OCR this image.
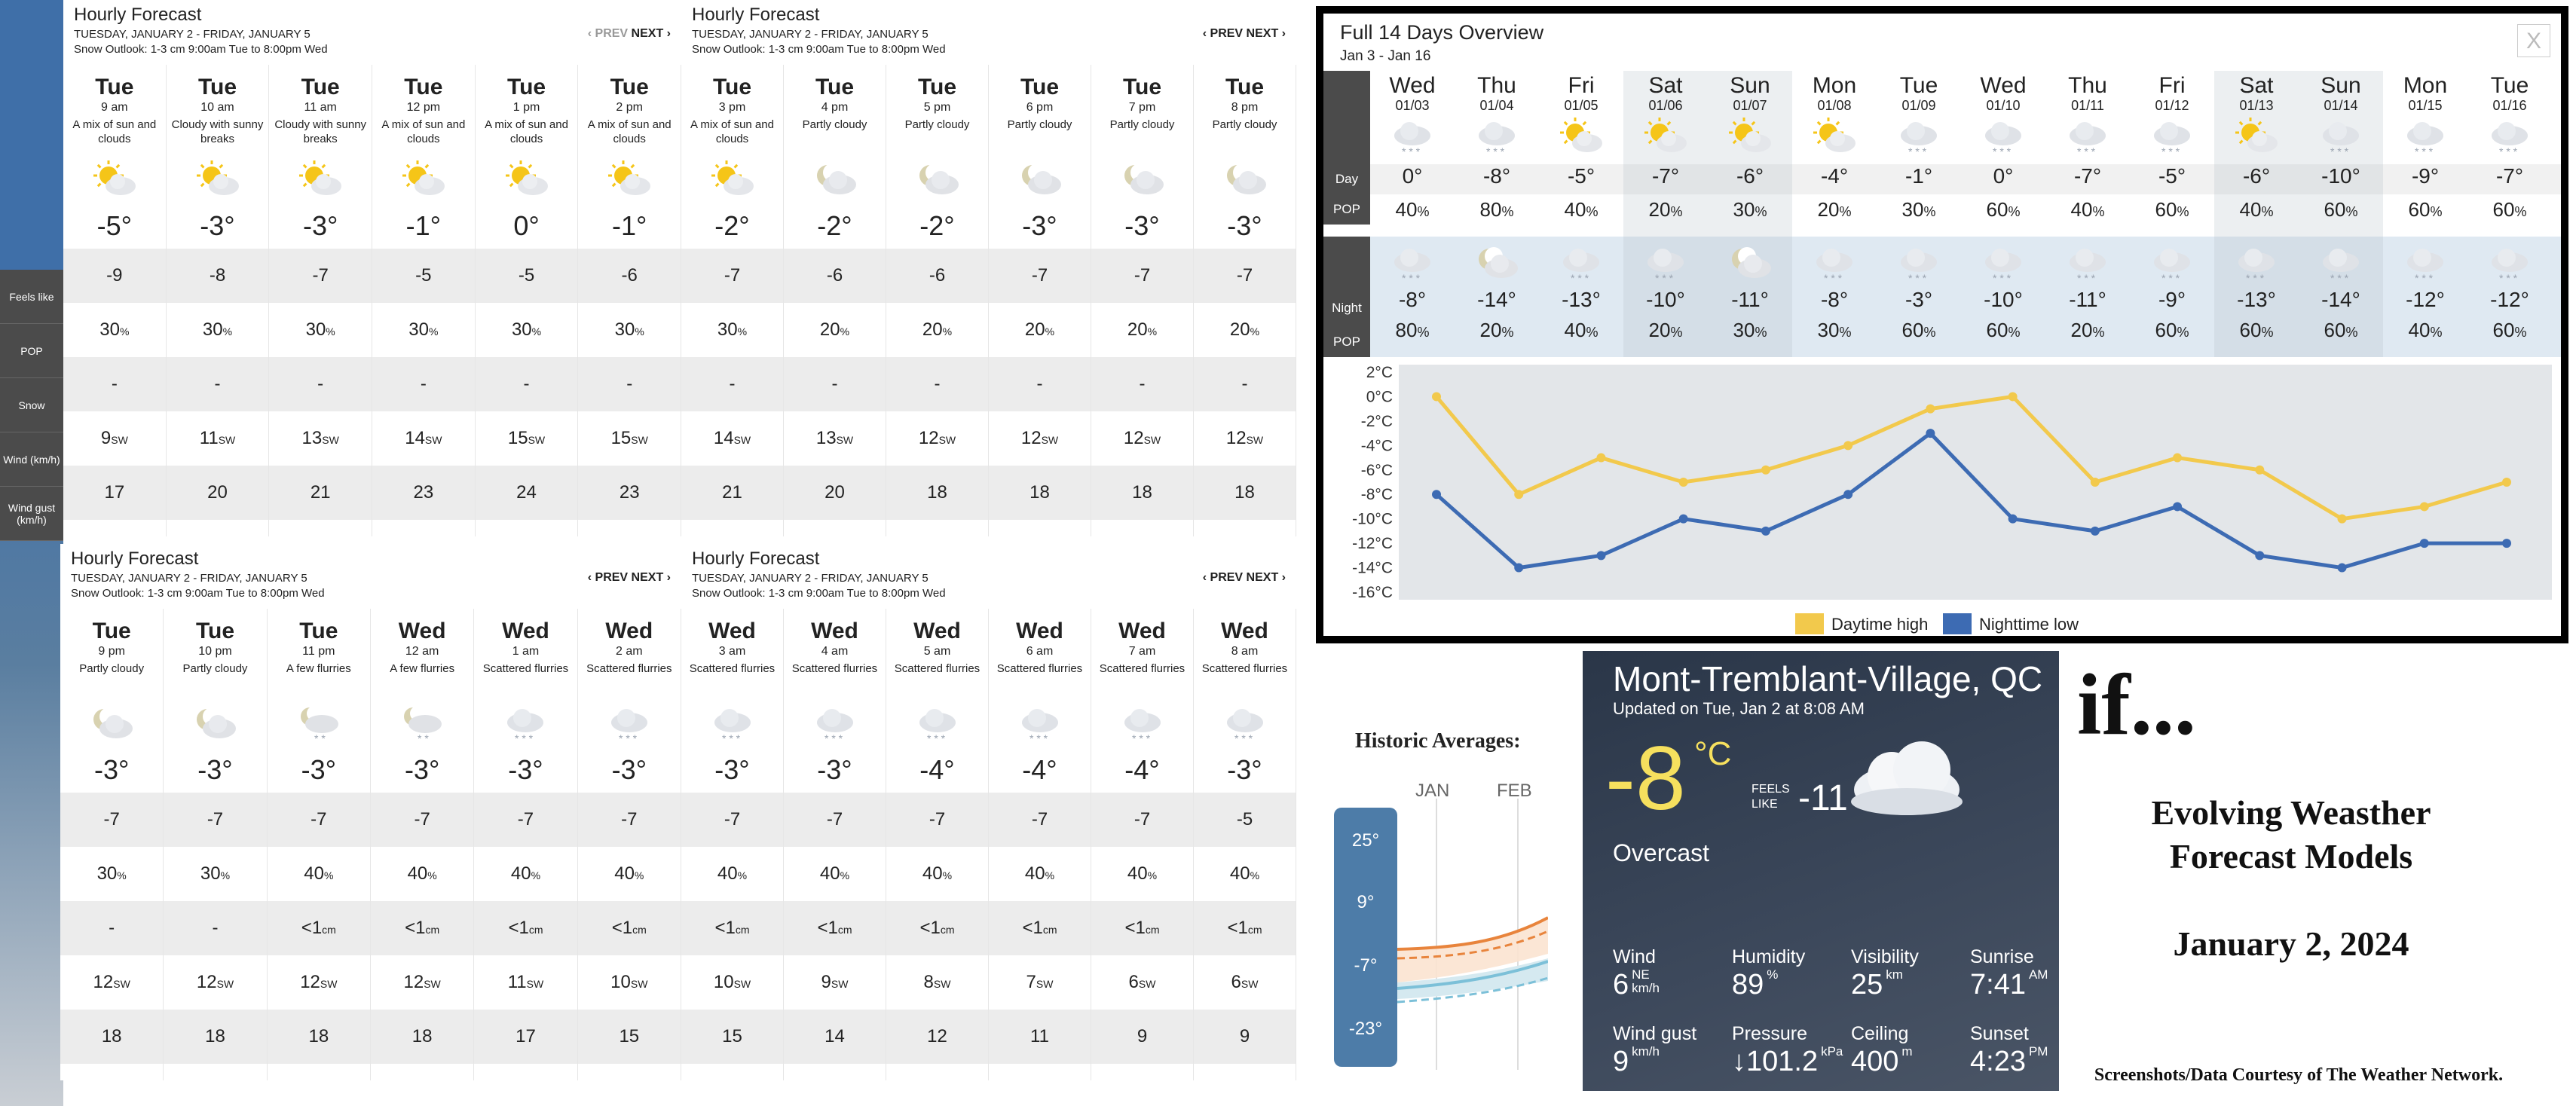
Hourly Forecast
TUESDAY, JANUARY 2 - FRIDAY, JANUARY 5
Snow Outlook: 1-3 cm 9:00am Tue to 8:00pm Wed
‹ PREV NEXT ›
Tue
9 am
A mix of sun and clouds
-5°
-9
30%
-
9SW
17
Tue
10 am
Cloudy with sunny breaks
-3°
-8
30%
-
11SW
20
Tue
11 am
Cloudy with sunny breaks
-3°
-7
30%
-
13SW
21
Tue
12 pm
A mix of sun and clouds
-1°
-5
30%
-
14SW
23
Tue
1 pm
A mix of sun and clouds
0°
-5
30%
-
15SW
24
Tue
2 pm
A mix of sun and clouds
-1°
-6
30%
-
15SW
23
Hourly Forecast
TUESDAY, JANUARY 2 - FRIDAY, JANUARY 5
Snow Outlook: 1-3 cm 9:00am Tue to 8:00pm Wed
‹ PREV NEXT ›
Tue
3 pm
A mix of sun and clouds
-2°
-7
30%
-
14SW
21
Tue
4 pm
Partly cloudy
-2°
-6
20%
-
13SW
20
Tue
5 pm
Partly cloudy
-2°
-6
20%
-
12SW
18
Tue
6 pm
Partly cloudy
-3°
-7
20%
-
12SW
18
Tue
7 pm
Partly cloudy
-3°
-7
20%
-
12SW
18
Tue
8 pm
Partly cloudy
-3°
-7
20%
-
12SW
18
Hourly Forecast
TUESDAY, JANUARY 2 - FRIDAY, JANUARY 5
Snow Outlook: 1-3 cm 9:00am Tue to 8:00pm Wed
‹ PREV NEXT ›
Tue
9 pm
Partly cloudy
-3°
-7
30%
-
12SW
18
Tue
10 pm
Partly cloudy
-3°
-7
30%
-
12SW
18
Tue
11 pm
A few flurries
* *
-3°
-7
40%
<1cm
12SW
18
Wed
12 am
A few flurries
* *
-3°
-7
40%
<1cm
12SW
18
Wed
1 am
Scattered flurries
* * *
-3°
-7
40%
<1cm
11SW
17
Wed
2 am
Scattered flurries
* * *
-3°
-7
40%
<1cm
10SW
15
Hourly Forecast
TUESDAY, JANUARY 2 - FRIDAY, JANUARY 5
Snow Outlook: 1-3 cm 9:00am Tue to 8:00pm Wed
‹ PREV NEXT ›
Wed
3 am
Scattered flurries
* * *
-3°
-7
40%
<1cm
10SW
15
Wed
4 am
Scattered flurries
* * *
-3°
-7
40%
<1cm
9SW
14
Wed
5 am
Scattered flurries
* * *
-4°
-7
40%
<1cm
8SW
12
Wed
6 am
Scattered flurries
* * *
-4°
-7
40%
<1cm
7SW
11
Wed
7 am
Scattered flurries
* * *
-4°
-7
40%
<1cm
6SW
9
Wed
8 am
Scattered flurries
* * *
-3°
-5
40%
<1cm
6SW
9
Feels like
POP
Snow
Wind (km/h)
Wind gust (km/h)
Full 14 Days Overview
Jan 3 - Jan 16
X
Day
POP
Night
POP
Wed
01/03
* * *
0°
40%
* * *
-8°
80%
Thu
01/04
* * *
-8°
80%
-14°
20%
Fri
01/05
-5°
40%
* * *
-13°
40%
Sat
01/06
-7°
20%
* * *
-10°
20%
Sun
01/07
-6°
30%
-11°
30%
Mon
01/08
-4°
20%
* * *
-8°
30%
Tue
01/09
* * *
-1°
30%
* * *
-3°
60%
Wed
01/10
* * *
0°
60%
* * *
-10°
60%
Thu
01/11
* * *
-7°
40%
* * *
-11°
20%
Fri
01/12
* * *
-5°
60%
* * *
-9°
60%
Sat
01/13
-6°
40%
* * *
-13°
60%
Sun
01/14
* * *
-10°
60%
* * *
-14°
60%
Mon
01/15
* * *
-9°
60%
* * *
-12°
40%
Tue
01/16
* * *
-7°
60%
* * *
-12°
60%
2°C
0°C
-2°C
-4°C
-6°C
-8°C
-10°C
-12°C
-14°C
-16°C
Daytime high	Nighttime low
Historic Averages:
JAN	FEB
25°
9°
-7°
-23°
Mont-Tremblant-Village, QC
Updated on Tue, Jan 2 at 8:08 AM
-8 °C
FEELS LIKE -11
Overcast
Wind
6 NE
km/h
Humidity
89 %
Visibility
25 km
Sunrise
7:41 AM
Wind gust
9 km/h
Pressure
↓101.2 kPa
Ceiling
400 m
Sunset
4:23 PM
if...
Evolving Weasther Forecast Models
January 2, 2024
Screenshots/Data Courtesy of The Weather Network.
